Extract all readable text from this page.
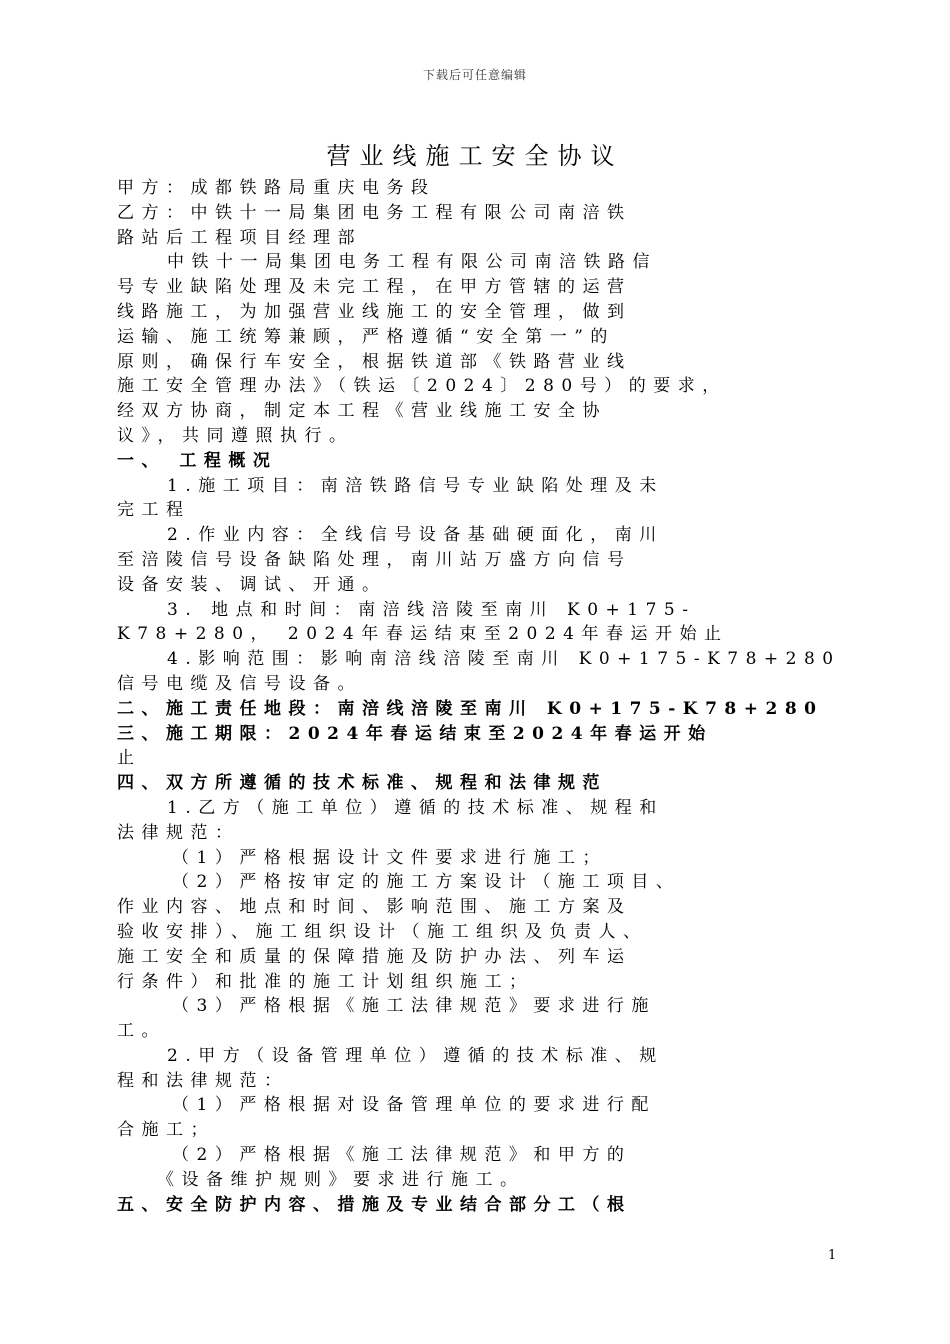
下载后可任意编辑
营业线施工安全协议
甲方：成都铁路局重庆电务段
乙方：中铁十一局集团电务工程有限公司南涪铁
路站后工程项目经理部
中铁十一局集团电务工程有限公司南涪铁路信
号专业缺陷处理及未完工程，在甲方管辖的运营
线路施工，为加强营业线施工的安全管理，做到
运输、施工统筹兼顾，严格遵循“安全第一”的
原则，确保行车安全，根据铁道部《铁路营业线
施工安全管理办法》（铁运〔2024〕280号）的要求，
经双方协商，制定本工程《营业线施工安全协
议》，共同遵照执行。
一、 工程概况
1.施工项目：南涪铁路信号专业缺陷处理及未
完工程
2.作业内容：全线信号设备基础硬面化，南川
至涪陵信号设备缺陷处理，南川站万盛方向信号
设备安装、调试、开通。
3. 地点和时间：南涪线涪陵至南川 K0+175-
K78+280， 2024年春运结束至2024年春运开始止
4.影响范围：影响南涪线涪陵至南川 K0+175-K78+280
信号电缆及信号设备。
二、施工责任地段：南涪线涪陵至南川 K0+175-K78+280
三、施工期限：2024年春运结束至2024年春运开始
止
四、双方所遵循的技术标准、规程和法律规范
1.乙方（施工单位）遵循的技术标准、规程和
法律规范：
（1）严格根据设计文件要求进行施工；
（2）严格按审定的施工方案设计（施工项目、
作业内容、地点和时间、影响范围、施工方案及
验收安排）、施工组织设计（施工组织及负责人、
施工安全和质量的保障措施及防护办法、列车运
行条件）和批准的施工计划组织施工；
（3）严格根据《施工法律规范》要求进行施
工。
2.甲方（设备管理单位）遵循的技术标准、规
程和法律规范：
（1）严格根据对设备管理单位的要求进行配
合施工；
（2）严格根据《施工法律规范》和甲方的
《设备维护规则》要求进行施工。
五、安全防护内容、措施及专业结合部分工（根
1
